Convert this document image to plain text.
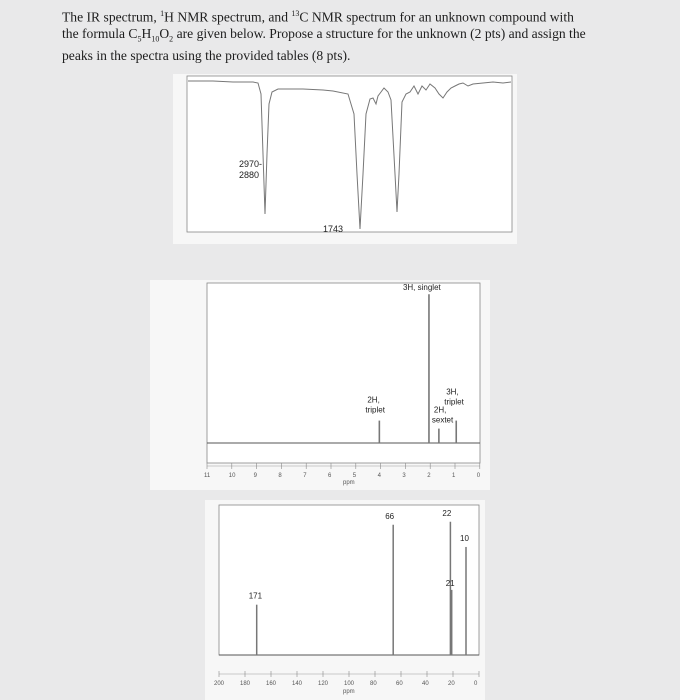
The IR spectrum, $^1$H NMR spectrum, and $^{13}$C NMR spectrum for an unknown compound with

the formula $C_5H_{10}O_2$ are given below. Propose a structure for the unknown (2 pts) and assign the

peaks in the spectra using the provided tables (8 pts).

2970-
2880
1743
11	10	9	8	7	6	5	4	3	2	1	0
2H,
triplet
3H, singlet
2H,
sextet
3H,
triplet
ppm
200	180	160	140	120	100	80	60	40	20	0
171
66	22
21
10
ppm
